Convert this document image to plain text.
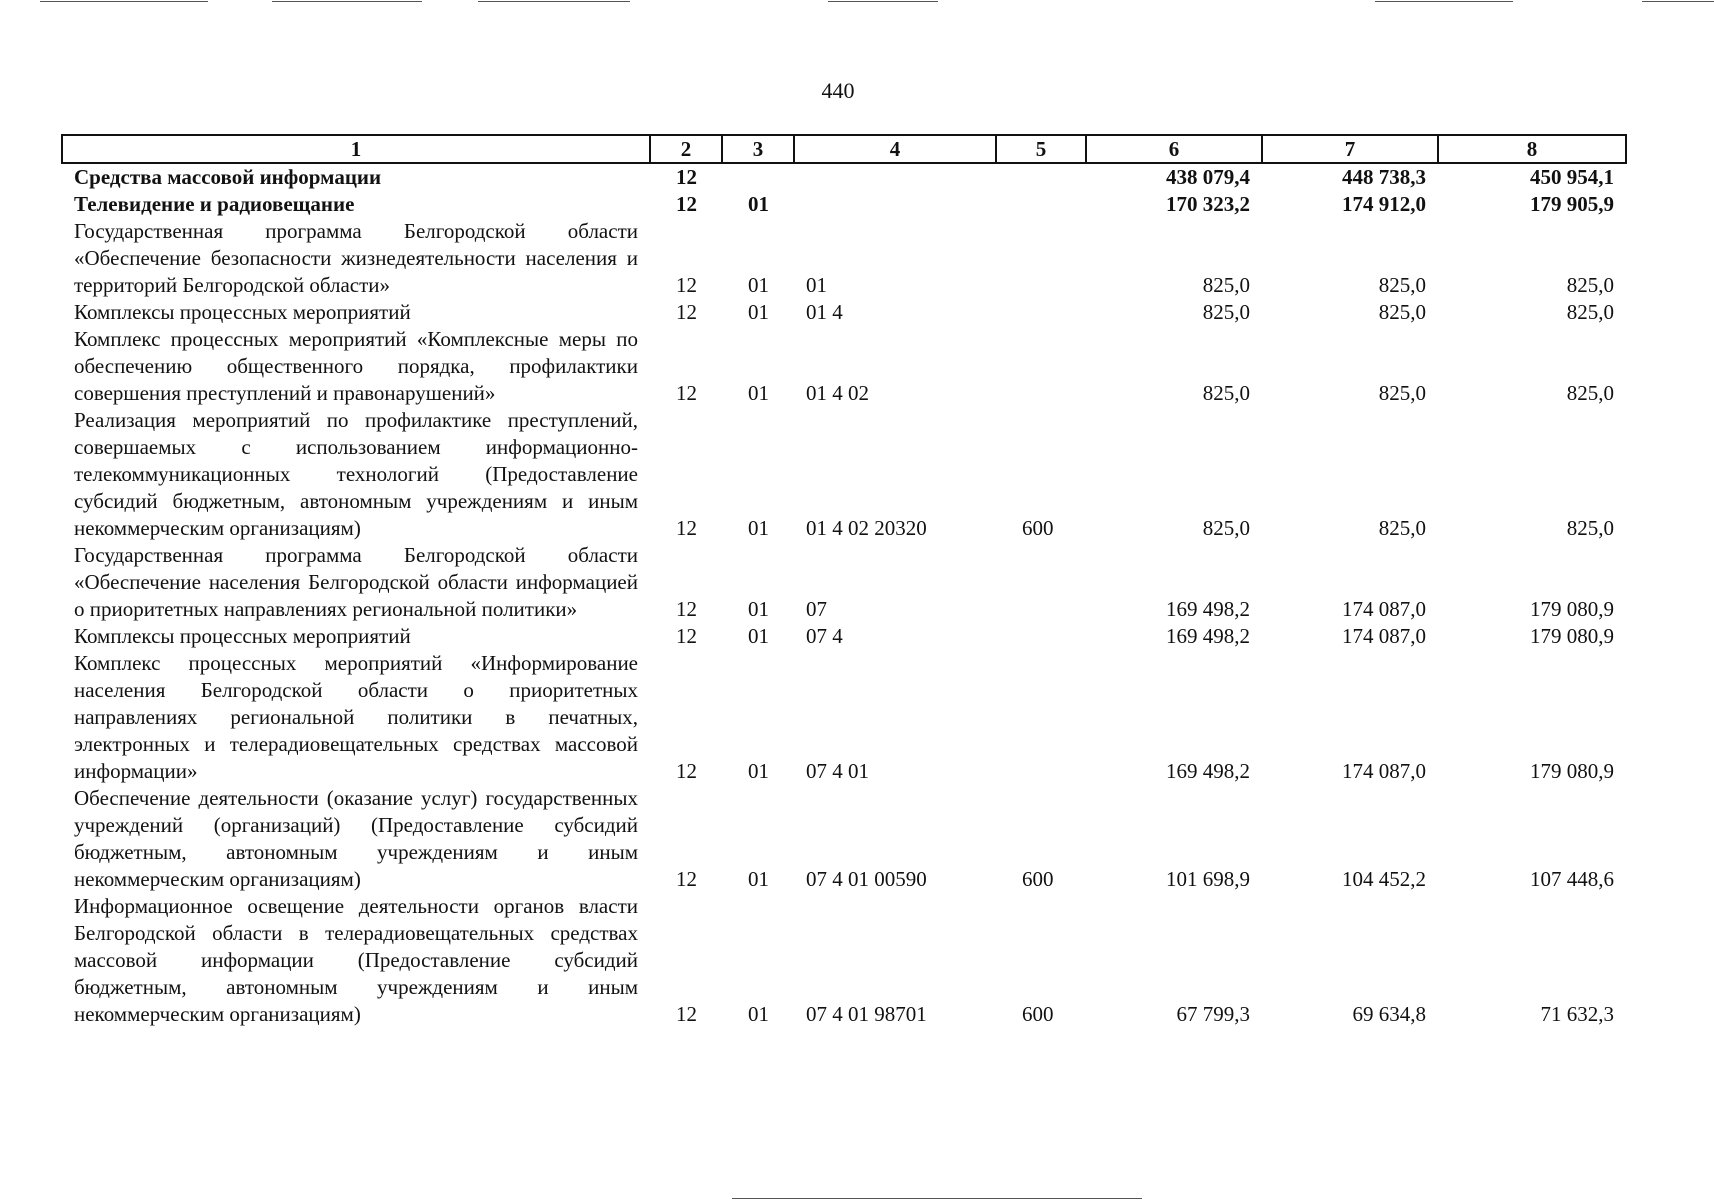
440
1	2	3	4	5	6	7	8
Средства массовой информации	12				438 079,4	448 738,3	450 954,1
Телевидение и радиовещание	12	01			170 323,2	174 912,0	179 905,9
Государственная программа Белгородской области «Обеспечение безопасности жизнедеятельности населения и территорий Белгородской области»	12	01	01		825,0	825,0	825,0
Комплексы процессных мероприятий	12	01	01 4		825,0	825,0	825,0
Комплекс процессных мероприятий «Комплексные меры по обеспечению общественного порядка, профилактики совершения преступлений и правонарушений»	12	01	01 4 02		825,0	825,0	825,0
Реализация мероприятий по профилактике преступлений, совершаемых с использованием информационно-телекоммуникационных технологий (Предоставление субсидий бюджетным, автономным учреждениям и иным некоммерческим организациям)	12	01	01 4 02 20320	600	825,0	825,0	825,0
Государственная программа Белгородской области «Обеспечение населения Белгородской области информацией о приоритетных направлениях региональной политики»	12	01	07		169 498,2	174 087,0	179 080,9
Комплексы процессных мероприятий	12	01	07 4		169 498,2	174 087,0	179 080,9
Комплекс процессных мероприятий «Информирование населения Белгородской области о приоритетных направлениях региональной политики в печатных, электронных и телерадиовещательных средствах массовой информации»	12	01	07 4 01		169 498,2	174 087,0	179 080,9
Обеспечение деятельности (оказание услуг) государственных учреждений (организаций) (Предоставление субсидий бюджетным, автономным учреждениям и иным некоммерческим организациям)	12	01	07 4 01 00590	600	101 698,9	104 452,2	107 448,6
Информационное освещение деятельности органов власти Белгородской области в телерадиовещательных средствах массовой информации (Предоставление субсидий бюджетным, автономным учреждениям и иным некоммерческим организациям)	12	01	07 4 01 98701	600	67 799,3	69 634,8	71 632,3
